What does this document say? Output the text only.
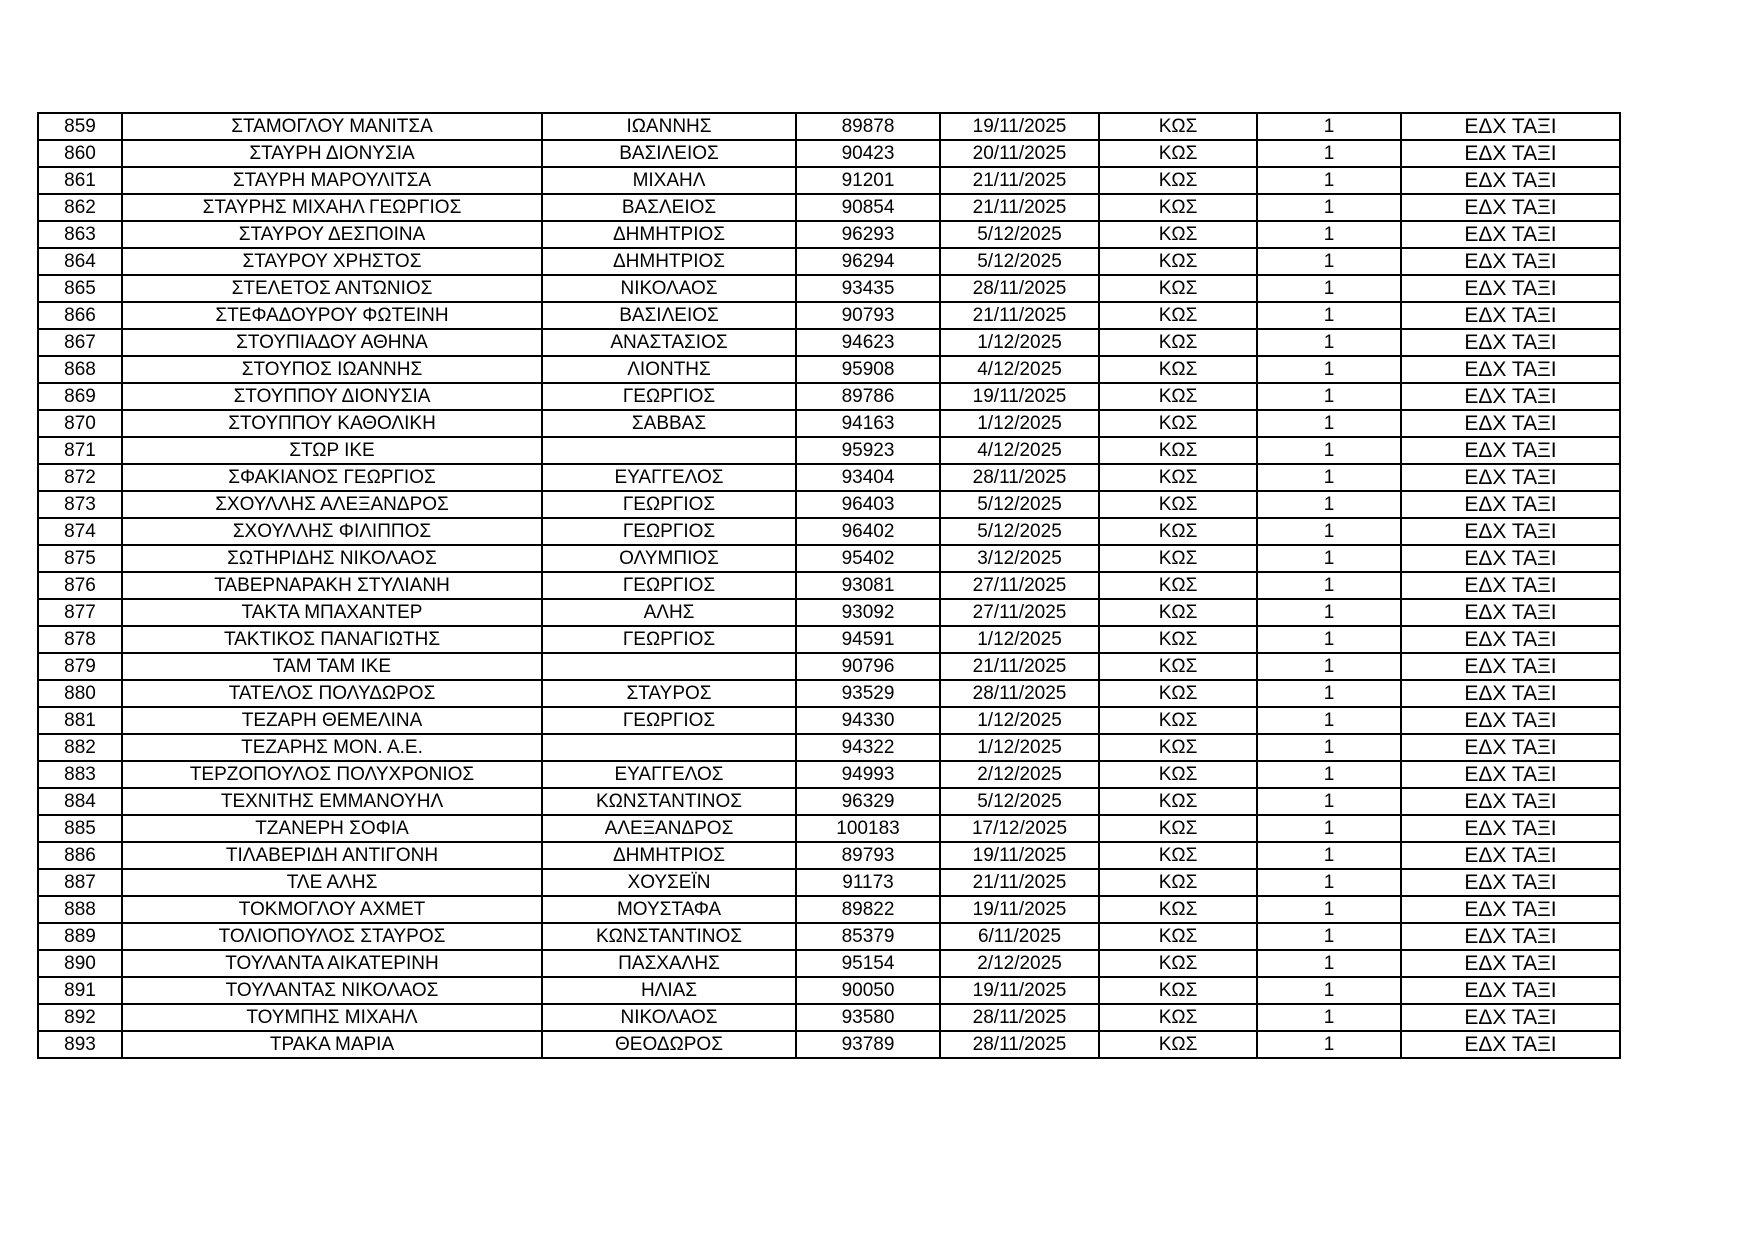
859	ΣΤΑΜΟΓΛΟΥ ΜΑΝΙΤΣΑ	ΙΩΑΝΝΗΣ	89878	19/11/2025	ΚΩΣ	1	ΕΔΧ ΤΑΞΙ
860	ΣΤΑΥΡΗ ΔΙΟΝΥΣΙΑ	ΒΑΣΙΛΕΙΟΣ	90423	20/11/2025	ΚΩΣ	1	ΕΔΧ ΤΑΞΙ
861	ΣΤΑΥΡΗ ΜΑΡΟΥΛΙΤΣΑ	ΜΙΧΑΗΛ	91201	21/11/2025	ΚΩΣ	1	ΕΔΧ ΤΑΞΙ
862	ΣΤΑΥΡΗΣ ΜΙΧΑΗΛ ΓΕΩΡΓΙΟΣ	ΒΑΣΛΕΙΟΣ	90854	21/11/2025	ΚΩΣ	1	ΕΔΧ ΤΑΞΙ
863	ΣΤΑΥΡΟΥ ΔΕΣΠΟΙΝΑ	ΔΗΜΗΤΡΙΟΣ	96293	5/12/2025	ΚΩΣ	1	ΕΔΧ ΤΑΞΙ
864	ΣΤΑΥΡΟΥ ΧΡΗΣΤΟΣ	ΔΗΜΗΤΡΙΟΣ	96294	5/12/2025	ΚΩΣ	1	ΕΔΧ ΤΑΞΙ
865	ΣΤΕΛΕΤΟΣ ΑΝΤΩΝΙΟΣ	ΝΙΚΟΛΑΟΣ	93435	28/11/2025	ΚΩΣ	1	ΕΔΧ ΤΑΞΙ
866	ΣΤΕΦΑΔΟΥΡΟΥ ΦΩΤΕΙΝΗ	ΒΑΣΙΛΕΙΟΣ	90793	21/11/2025	ΚΩΣ	1	ΕΔΧ ΤΑΞΙ
867	ΣΤΟΥΠΙΑΔΟΥ ΑΘΗΝΑ	ΑΝΑΣΤΑΣΙΟΣ	94623	1/12/2025	ΚΩΣ	1	ΕΔΧ ΤΑΞΙ
868	ΣΤΟΥΠΟΣ ΙΩΑΝΝΗΣ	ΛΙΟΝΤΗΣ	95908	4/12/2025	ΚΩΣ	1	ΕΔΧ ΤΑΞΙ
869	ΣΤΟΥΠΠΟΥ ΔΙΟΝΥΣΙΑ	ΓΕΩΡΓΙΟΣ	89786	19/11/2025	ΚΩΣ	1	ΕΔΧ ΤΑΞΙ
870	ΣΤΟΥΠΠΟΥ ΚΑΘΟΛΙΚΗ	ΣΑΒΒΑΣ	94163	1/12/2025	ΚΩΣ	1	ΕΔΧ ΤΑΞΙ
871	ΣΤΩΡ ΙΚΕ		95923	4/12/2025	ΚΩΣ	1	ΕΔΧ ΤΑΞΙ
872	ΣΦΑΚΙΑΝΟΣ ΓΕΩΡΓΙΟΣ	ΕΥΑΓΓΕΛΟΣ	93404	28/11/2025	ΚΩΣ	1	ΕΔΧ ΤΑΞΙ
873	ΣΧΟΥΛΛΗΣ ΑΛΕΞΑΝΔΡΟΣ	ΓΕΩΡΓΙΟΣ	96403	5/12/2025	ΚΩΣ	1	ΕΔΧ ΤΑΞΙ
874	ΣΧΟΥΛΛΗΣ ΦΙΛΙΠΠΟΣ	ΓΕΩΡΓΙΟΣ	96402	5/12/2025	ΚΩΣ	1	ΕΔΧ ΤΑΞΙ
875	ΣΩΤΗΡΙΔΗΣ ΝΙΚΟΛΑΟΣ	ΟΛΥΜΠΙΟΣ	95402	3/12/2025	ΚΩΣ	1	ΕΔΧ ΤΑΞΙ
876	ΤΑΒΕΡΝΑΡΑΚΗ ΣΤΥΛΙΑΝΗ	ΓΕΩΡΓΙΟΣ	93081	27/11/2025	ΚΩΣ	1	ΕΔΧ ΤΑΞΙ
877	ΤΑΚΤΑ ΜΠΑΧΑΝΤΕΡ	ΑΛΗΣ	93092	27/11/2025	ΚΩΣ	1	ΕΔΧ ΤΑΞΙ
878	ΤΑΚΤΙΚΟΣ ΠΑΝΑΓΙΩΤΗΣ	ΓΕΩΡΓΙΟΣ	94591	1/12/2025	ΚΩΣ	1	ΕΔΧ ΤΑΞΙ
879	ΤΑΜ ΤΑΜ ΙΚΕ		90796	21/11/2025	ΚΩΣ	1	ΕΔΧ ΤΑΞΙ
880	ΤΑΤΕΛΟΣ ΠΟΛΥΔΩΡΟΣ	ΣΤΑΥΡΟΣ	93529	28/11/2025	ΚΩΣ	1	ΕΔΧ ΤΑΞΙ
881	ΤΕΖΑΡΗ ΘΕΜΕΛΙΝΑ	ΓΕΩΡΓΙΟΣ	94330	1/12/2025	ΚΩΣ	1	ΕΔΧ ΤΑΞΙ
882	ΤΕΖΑΡΗΣ ΜΟΝ. Α.Ε.		94322	1/12/2025	ΚΩΣ	1	ΕΔΧ ΤΑΞΙ
883	ΤΕΡΖΟΠΟΥΛΟΣ ΠΟΛΥΧΡΟΝΙΟΣ	ΕΥΑΓΓΕΛΟΣ	94993	2/12/2025	ΚΩΣ	1	ΕΔΧ ΤΑΞΙ
884	ΤΕΧΝΙΤΗΣ ΕΜΜΑΝΟΥΗΛ	ΚΩΝΣΤΑΝΤΙΝΟΣ	96329	5/12/2025	ΚΩΣ	1	ΕΔΧ ΤΑΞΙ
885	ΤΖΑΝΕΡΗ ΣΟΦΙΑ	ΑΛΕΞΑΝΔΡΟΣ	100183	17/12/2025	ΚΩΣ	1	ΕΔΧ ΤΑΞΙ
886	ΤΙΛΑΒΕΡΙΔΗ ΑΝΤΙΓΟΝΗ	ΔΗΜΗΤΡΙΟΣ	89793	19/11/2025	ΚΩΣ	1	ΕΔΧ ΤΑΞΙ
887	ΤΛΕ ΑΛΗΣ	ΧΟΥΣΕΪΝ	91173	21/11/2025	ΚΩΣ	1	ΕΔΧ ΤΑΞΙ
888	ΤΟΚΜΟΓΛΟΥ ΑΧΜΕΤ	ΜΟΥΣΤΑΦΑ	89822	19/11/2025	ΚΩΣ	1	ΕΔΧ ΤΑΞΙ
889	ΤΟΛΙΟΠΟΥΛΟΣ ΣΤΑΥΡΟΣ	ΚΩΝΣΤΑΝΤΙΝΟΣ	85379	6/11/2025	ΚΩΣ	1	ΕΔΧ ΤΑΞΙ
890	ΤΟΥΛΑΝΤΑ ΑΙΚΑΤΕΡΙΝΗ	ΠΑΣΧΑΛΗΣ	95154	2/12/2025	ΚΩΣ	1	ΕΔΧ ΤΑΞΙ
891	ΤΟΥΛΑΝΤΑΣ ΝΙΚΟΛΑΟΣ	ΗΛΙΑΣ	90050	19/11/2025	ΚΩΣ	1	ΕΔΧ ΤΑΞΙ
892	ΤΟΥΜΠΗΣ ΜΙΧΑΗΛ	ΝΙΚΟΛΑΟΣ	93580	28/11/2025	ΚΩΣ	1	ΕΔΧ ΤΑΞΙ
893	ΤΡΑΚΑ ΜΑΡΙΑ	ΘΕΟΔΩΡΟΣ	93789	28/11/2025	ΚΩΣ	1	ΕΔΧ ΤΑΞΙ
